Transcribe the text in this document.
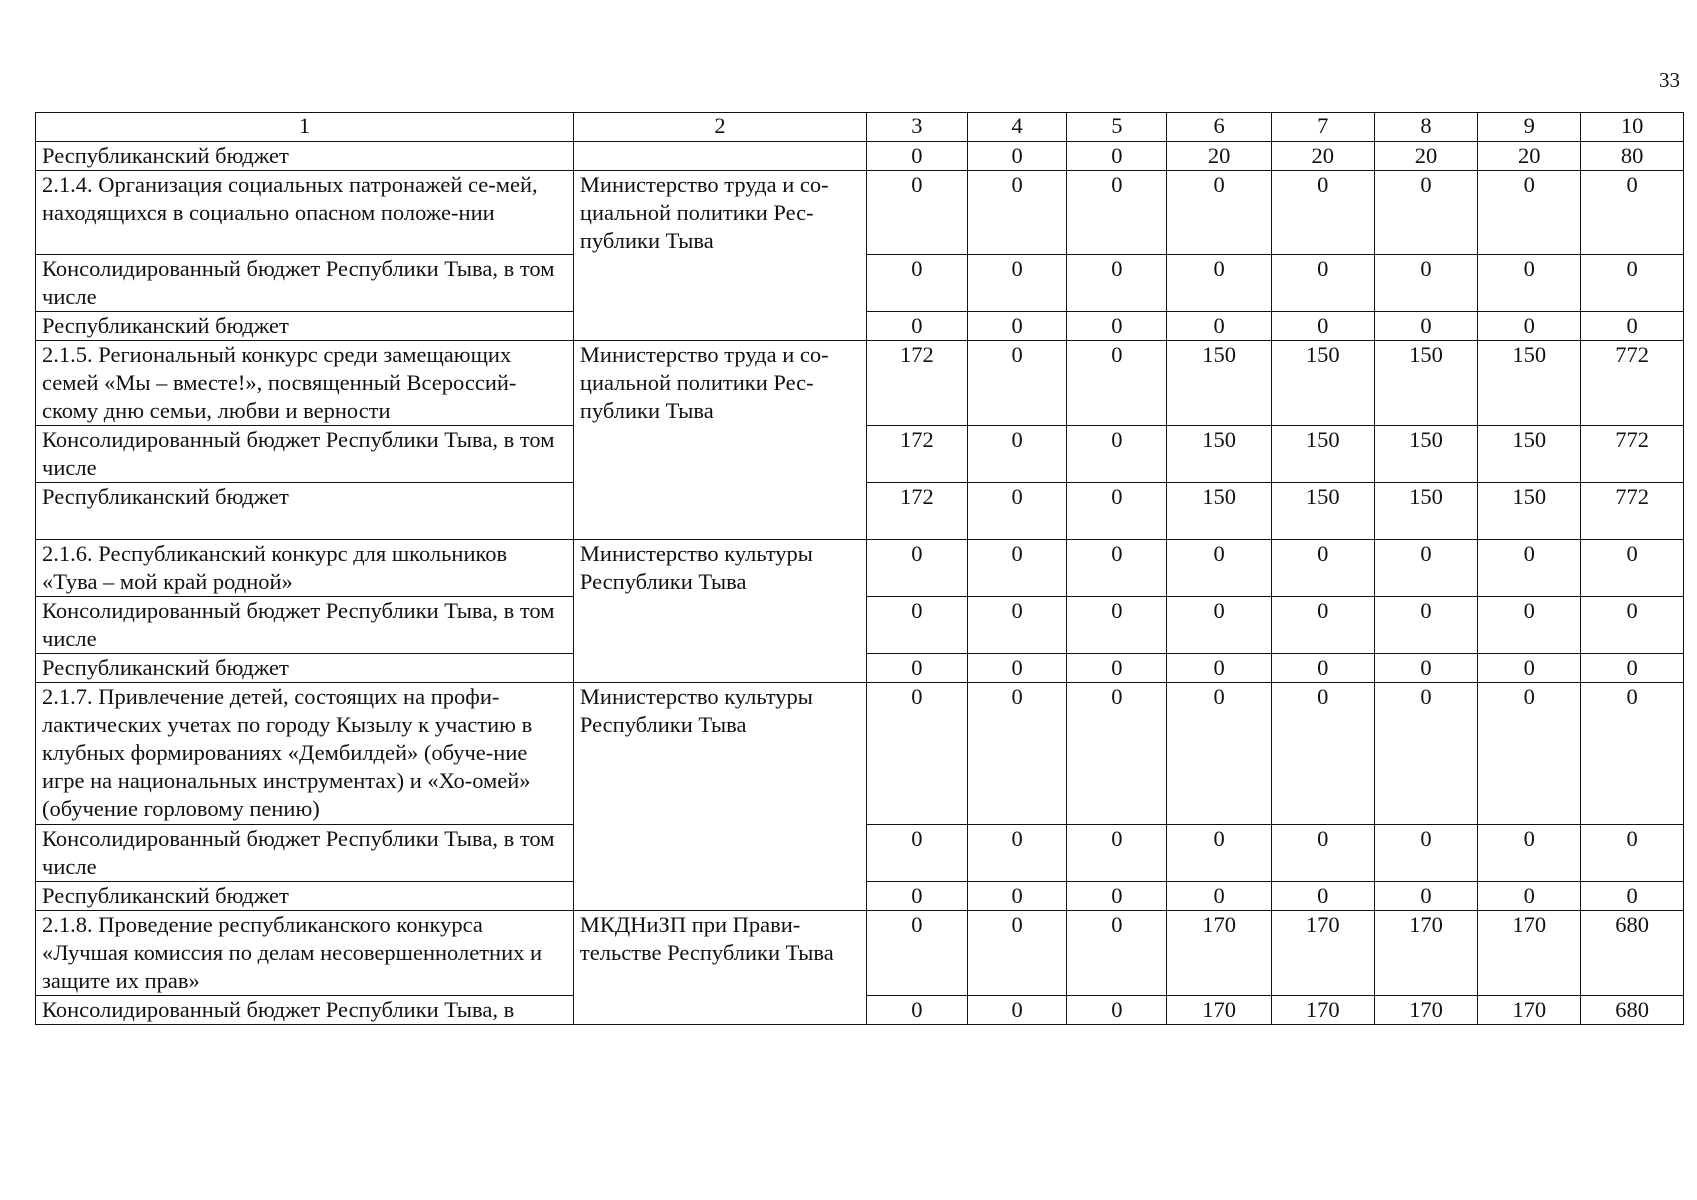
33
1	2	3	4	5	6	7	8	9	10
Республиканский бюджет		0	0	0	20	20	20	20	80
2.1.4. Организация социальных патронажей се-мей, находящихся в социально опасном положе-нии	Министерство труда и со-циальной политики Рес-публики Тыва	0	0	0	0	0	0	0	0
Консолидированный бюджет Республики Тыва, в том числе		0	0	0	0	0	0	0	0
Республиканский бюджет		0	0	0	0	0	0	0	0
2.1.5. Региональный конкурс среди замещающих семей «Мы – вместе!», посвященный Всероссий-скому дню семьи, любви и верности	Министерство труда и со-циальной политики Рес-публики Тыва	172	0	0	150	150	150	150	772
Консолидированный бюджет Республики Тыва, в том числе		172	0	0	150	150	150	150	772
Республиканский бюджет		172	0	0	150	150	150	150	772
2.1.6. Республиканский конкурс для школьников «Тува – мой край родной»	Министерство культуры Республики Тыва	0	0	0	0	0	0	0	0
Консолидированный бюджет Республики Тыва, в том числе		0	0	0	0	0	0	0	0
Республиканский бюджет		0	0	0	0	0	0	0	0
2.1.7. Привлечение детей, состоящих на профи-лактических учетах по городу Кызылу к участию в клубных формированиях «Дембилдей» (обуче-ние игре на национальных инструментах) и «Хо-омей» (обучение горловому пению)	Министерство культуры Республики Тыва	0	0	0	0	0	0	0	0
Консолидированный бюджет Республики Тыва, в том числе		0	0	0	0	0	0	0	0
Республиканский бюджет		0	0	0	0	0	0	0	0
2.1.8. Проведение республиканского конкурса «Лучшая комиссия по делам несовершеннолетних и защите их прав»	МКДНиЗП при Прави-тельстве Республики Тыва	0	0	0	170	170	170	170	680
Консолидированный бюджет Республики Тыва, в		0	0	0	170	170	170	170	680
